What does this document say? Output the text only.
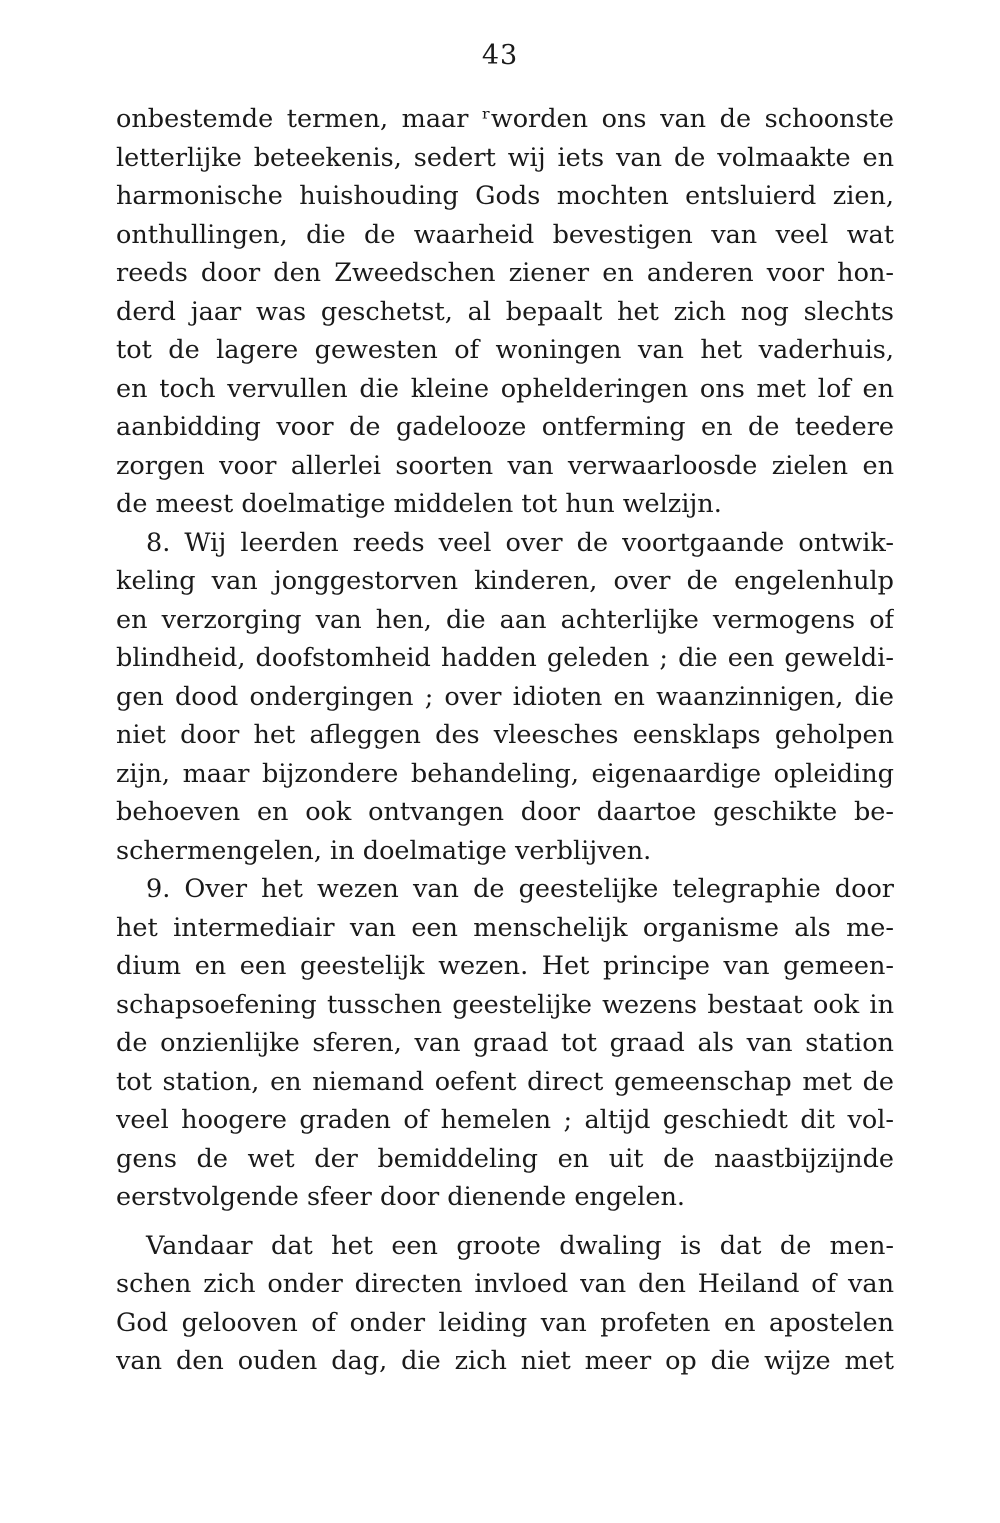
43
onbestemde termen, maar ʳworden ons van de schoonste
letterlijke beteekenis, sedert wij iets van de volmaakte en
harmonische huishouding Gods mochten entsluierd zien,
onthullingen, die de waarheid bevestigen van veel wat
reeds door den Zweedschen ziener en anderen voor hon-
derd jaar was geschetst, al bepaalt het zich nog slechts
tot de lagere gewesten of woningen van het vaderhuis,
en toch vervullen die kleine ophelderingen ons met lof en
aanbidding voor de gadelooze ontferming en de teedere
zorgen voor allerlei soorten van verwaarloosde zielen en
de meest doelmatige middelen tot hun welzijn.
8. Wij leerden reeds veel over de voortgaande ontwik-
keling van jonggestorven kinderen, over de engelenhulp
en verzorging van hen, die aan achterlijke vermogens of
blindheid, doofstomheid hadden geleden ; die een geweldi-
gen dood ondergingen ; over idioten en waanzinnigen, die
niet door het afleggen des vleesches eensklaps geholpen
zijn, maar bijzondere behandeling, eigenaardige opleiding
behoeven en ook ontvangen door daartoe geschikte be-
schermengelen, in doelmatige verblijven.
9. Over het wezen van de geestelijke telegraphie door
het intermediair van een menschelijk organisme als me-
dium en een geestelijk wezen. Het principe van gemeen-
schapsoefening tusschen geestelijke wezens bestaat ook in
de onzienlijke sferen, van graad tot graad als van station
tot station, en niemand oefent direct gemeenschap met de
veel hoogere graden of hemelen ; altijd geschiedt dit vol-
gens de wet der bemiddeling en uit de naastbijzijnde
eerstvolgende sfeer door dienende engelen.
Vandaar dat het een groote dwaling is dat de men-
schen zich onder directen invloed van den Heiland of van
God gelooven of onder leiding van profeten en apostelen
van den ouden dag, die zich niet meer op die wijze met
